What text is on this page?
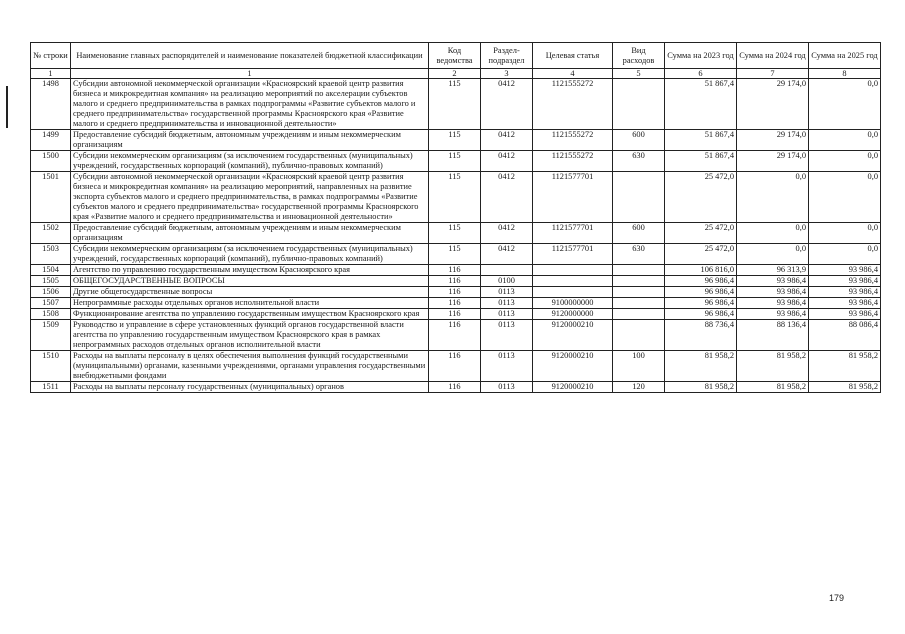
№ строки	Наименование главных распорядителей и наименование показателей бюджетной классификации	Код ведомства	Раздел-подраздел	Целевая статья	Вид расходов	Сумма на 2023 год	Сумма на 2024 год	Сумма на 2025 год
1	1	2	3	4	5	6	7	8
1498	Субсидии автономной некоммерческой организации «Красноярский краевой центр развития бизнеса и микрокредитная компания» на реализацию мероприятий по акселерации субъектов малого и среднего предпринимательства в рамках подпрограммы «Развитие субъектов малого и среднего предпринимательства» государственной программы Красноярского края «Развитие малого и среднего предпринимательства и инновационной деятельности»	115	0412	1121555272		51 867,4	29 174,0	0,0
1499	Предоставление субсидий бюджетным, автономным учреждениям и иным некоммерческим организациям	115	0412	1121555272	600	51 867,4	29 174,0	0,0
1500	Субсидии некоммерческим организациям (за исключением государственных (муниципальных) учреждений, государственных корпораций (компаний), публично-правовых компаний)	115	0412	1121555272	630	51 867,4	29 174,0	0,0
1501	Субсидии автономной некоммерческой организации «Красноярский краевой центр развития бизнеса и микрокредитная компания» на реализацию мероприятий, направленных на развитие экспорта субъектов малого и среднего предпринимательства, в рамках подпрограммы «Развитие субъектов малого и среднего предпринимательства» государственной программы Красноярского края «Развитие малого и среднего предпринимательства и инновационной деятельности»	115	0412	1121577701		25 472,0	0,0	0,0
1502	Предоставление субсидий бюджетным, автономным учреждениям и иным некоммерческим организациям	115	0412	1121577701	600	25 472,0	0,0	0,0
1503	Субсидии некоммерческим организациям (за исключением государственных (муниципальных) учреждений, государственных корпораций (компаний), публично-правовых компаний)	115	0412	1121577701	630	25 472,0	0,0	0,0
1504	Агентство по управлению государственным имуществом Красноярского края	116				106 816,0	96 313,9	93 986,4
1505	ОБЩЕГОСУДАРСТВЕННЫЕ ВОПРОСЫ	116	0100			96 986,4	93 986,4	93 986,4
1506	Другие общегосударственные вопросы	116	0113			96 986,4	93 986,4	93 986,4
1507	Непрограммные расходы отдельных органов исполнительной власти	116	0113	9100000000		96 986,4	93 986,4	93 986,4
1508	Функционирование агентства по управлению государственным имуществом Красноярского края	116	0113	9120000000		96 986,4	93 986,4	93 986,4
1509	Руководство и управление в сфере установленных функций органов государственной власти агентства по управлению государственным имуществом Красноярского края в рамках непрограммных расходов отдельных органов исполнительной власти	116	0113	9120000210		88 736,4	88 136,4	88 086,4
1510	Расходы на выплаты персоналу в целях обеспечения выполнения функций государственными (муниципальными) органами, казенными учреждениями, органами управления государственными внебюджетными фондами	116	0113	9120000210	100	81 958,2	81 958,2	81 958,2
1511	Расходы на выплаты персоналу государственных (муниципальных) органов	116	0113	9120000210	120	81 958,2	81 958,2	81 958,2
179
